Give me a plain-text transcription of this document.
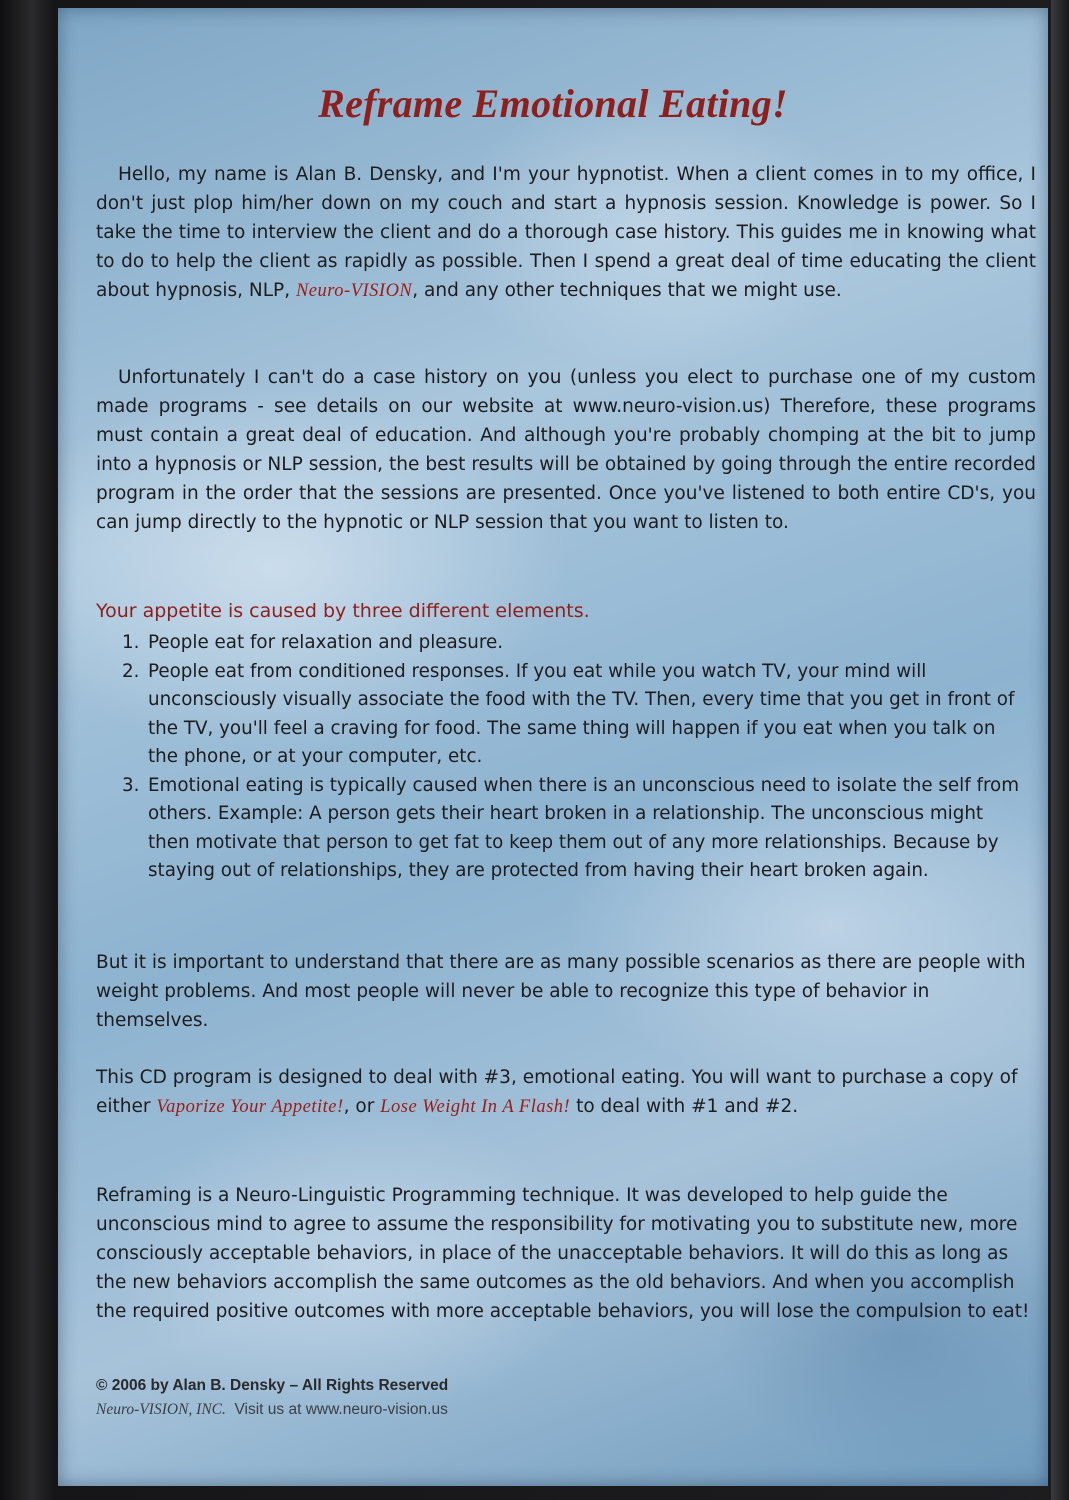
Reframe Emotional Eating!

Hello, my name is Alan B. Densky, and I'm your hypnotist. When a client comes in to my office, I don't just plop him/her down on my couch and start a hypnosis session. Knowledge is power. So I take the time to interview the client and do a thorough case history. This guides me in knowing what to do to help the client as rapidly as possible. Then I spend a great deal of time educating the client about hypnosis, NLP, Neuro-VISION, and any other techniques that we might use.

Unfortunately I can't do a case history on you (unless you elect to purchase one of my custom made programs - see details on our website at www.neuro-vision.us) Therefore, these programs must contain a great deal of education. And although you're probably chomping at the bit to jump into a hypnosis or NLP session, the best results will be obtained by going through the entire recorded program in the order that the sessions are presented. Once you've listened to both entire CD's, you can jump directly to the hypnotic or NLP session that you want to listen to.

Your appetite is caused by three different elements.
1. People eat for relaxation and pleasure.
2. People eat from conditioned responses. If you eat while you watch TV, your mind will unconsciously visually associate the food with the TV. Then, every time that you get in front of the TV, you'll feel a craving for food. The same thing will happen if you eat when you talk on the phone, or at your computer, etc.
3. Emotional eating is typically caused when there is an unconscious need to isolate the self from others. Example: A person gets their heart broken in a relationship. The unconscious might then motivate that person to get fat to keep them out of any more relationships. Because by staying out of relationships, they are protected from having their heart broken again.

But it is important to understand that there are as many possible scenarios as there are people with weight problems. And most people will never be able to recognize this type of behavior in themselves.

This CD program is designed to deal with #3, emotional eating. You will want to purchase a copy of either Vaporize Your Appetite!, or Lose Weight In A Flash! to deal with #1 and #2.

Reframing is a Neuro-Linguistic Programming technique. It was developed to help guide the unconscious mind to agree to assume the responsibility for motivating you to substitute new, more consciously acceptable behaviors, in place of the unacceptable behaviors. It will do this as long as the new behaviors accomplish the same outcomes as the old behaviors. And when you accomplish the required positive outcomes with more acceptable behaviors, you will lose the compulsion to eat!

© 2006 by Alan B. Densky – All Rights Reserved
Neuro-VISION, INC.  Visit us at www.neuro-vision.us
